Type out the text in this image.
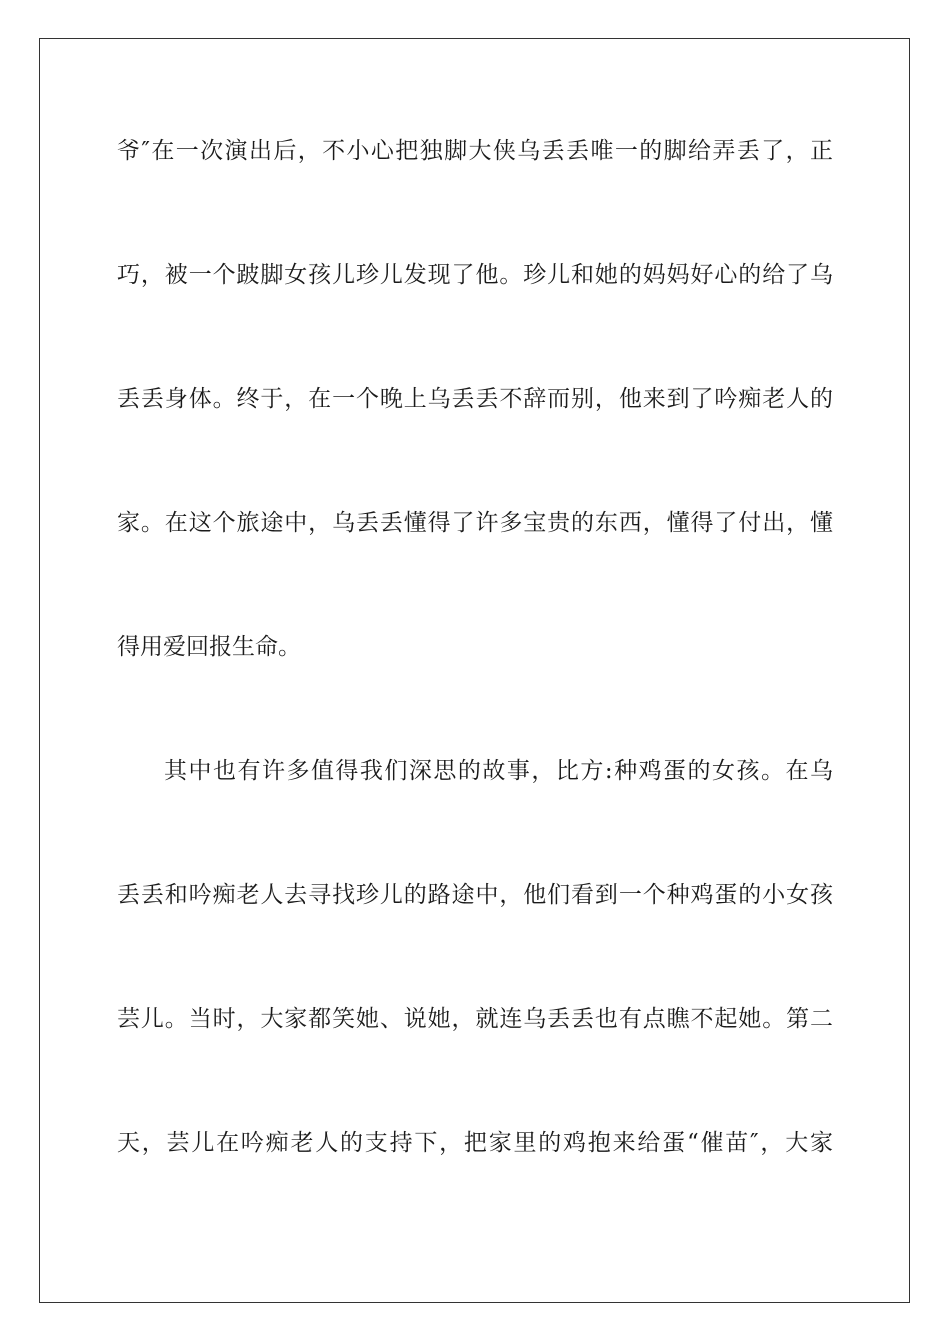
爷″在一次演出后，不小心把独脚大侠乌丢丢唯一的脚给弄丢了，正
巧，被一个跛脚女孩儿珍儿发现了他。珍儿和她的妈妈好心的给了乌
丢丢身体。终于，在一个晚上乌丢丢不辞而别，他来到了吟痴老人的
家。在这个旅途中，乌丢丢懂得了许多宝贵的东西，懂得了付出，懂
得用爱回报生命。
其中也有许多值得我们深思的故事，比方:种鸡蛋的女孩。在乌
丢丢和吟痴老人去寻找珍儿的路途中，他们看到一个种鸡蛋的小女孩
芸儿。当时，大家都笑她、说她，就连乌丢丢也有点瞧不起她。第二
天，芸儿在吟痴老人的支持下，把家里的鸡抱来给蛋“催苗″，大家
